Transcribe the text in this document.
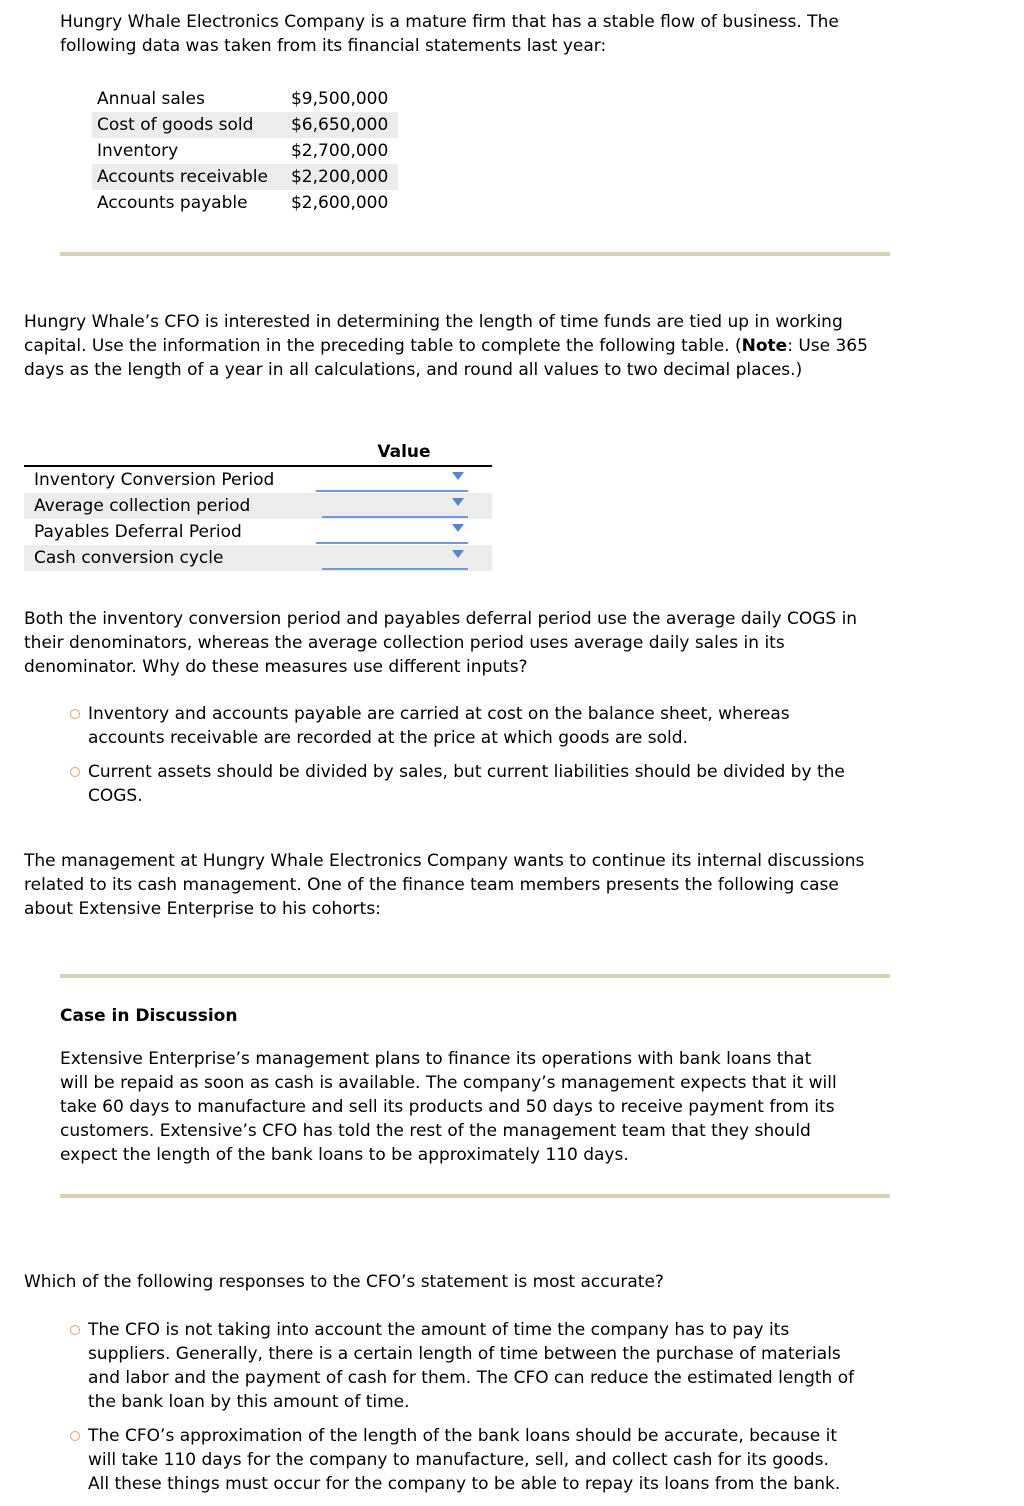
Hungry Whale Electronics Company is a mature firm that has a stable flow of business. The

following data was taken from its financial statements last year:

Annual sales	$9,500,000
Cost of goods sold	$6,650,000
Inventory	$2,700,000
Accounts receivable	$2,200,000
Accounts payable	$2,600,000

Hungry Whale’s CFO is interested in determining the length of time funds are tied up in working

capital. Use the information in the preceding table to complete the following table. (Note: Use 365

days as the length of a year in all calculations, and round all values to two decimal places.)

Value
Inventory Conversion Period
Average collection period
Payables Deferral Period
Cash conversion cycle

Both the inventory conversion period and payables deferral period use the average daily COGS in

their denominators, whereas the average collection period uses average daily sales in its

denominator. Why do these measures use different inputs?

Inventory and accounts payable are carried at cost on the balance sheet, whereas

accounts receivable are recorded at the price at which goods are sold.

Current assets should be divided by sales, but current liabilities should be divided by the

COGS.

The management at Hungry Whale Electronics Company wants to continue its internal discussions

related to its cash management. One of the finance team members presents the following case

about Extensive Enterprise to his cohorts:

Case in Discussion

Extensive Enterprise’s management plans to finance its operations with bank loans that

will be repaid as soon as cash is available. The company’s management expects that it will

take 60 days to manufacture and sell its products and 50 days to receive payment from its

customers. Extensive’s CFO has told the rest of the management team that they should

expect the length of the bank loans to be approximately 110 days.

Which of the following responses to the CFO’s statement is most accurate?

The CFO is not taking into account the amount of time the company has to pay its

suppliers. Generally, there is a certain length of time between the purchase of materials

and labor and the payment of cash for them. The CFO can reduce the estimated length of

the bank loan by this amount of time.

The CFO’s approximation of the length of the bank loans should be accurate, because it

will take 110 days for the company to manufacture, sell, and collect cash for its goods.

All these things must occur for the company to be able to repay its loans from the bank.
